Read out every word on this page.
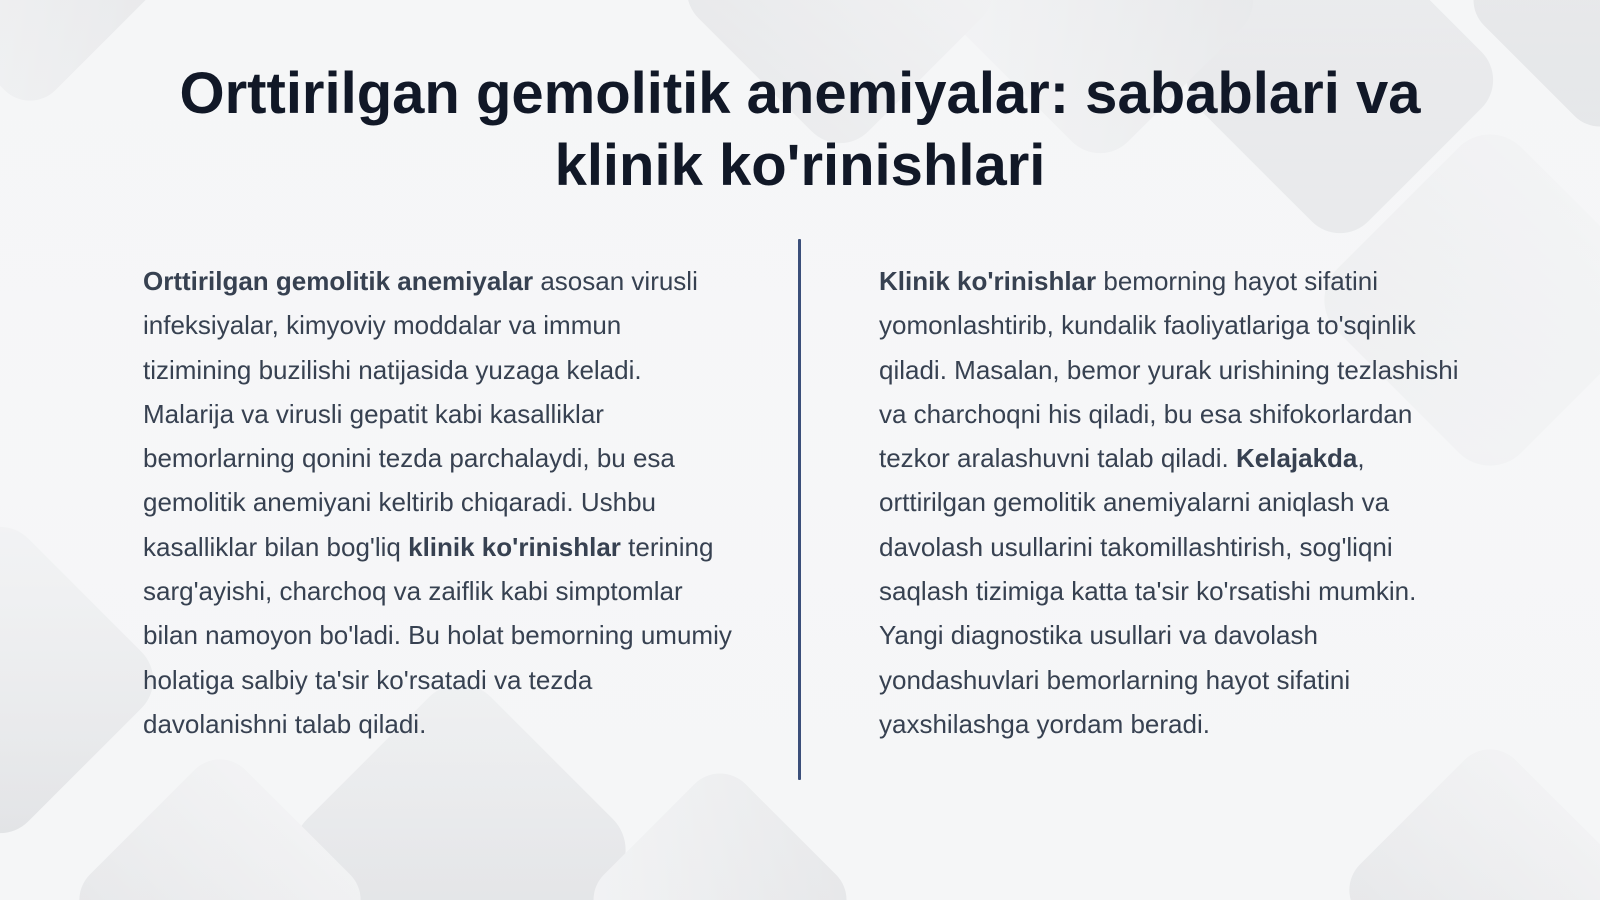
Orttirilgan gemolitik anemiyalar: sabablari va klinik ko'rinishlari

Orttirilgan gemolitik anemiyalar asosan virusli infeksiyalar, kimyoviy moddalar va immun tizimining buzilishi natijasida yuzaga keladi. Malarija va virusli gepatit kabi kasalliklar bemorlarning qonini tezda parchalaydi, bu esa gemolitik anemiyani keltirib chiqaradi. Ushbu kasalliklar bilan bog'liq klinik ko'rinishlar terining sarg'ayishi, charchoq va zaiflik kabi simptomlar bilan namoyon bo'ladi. Bu holat bemorning umumiy holatiga salbiy ta'sir ko'rsatadi va tezda davolanishni talab qiladi.

Klinik ko'rinishlar bemorning hayot sifatini yomonlashtirib, kundalik faoliyatlariga to'sqinlik qiladi. Masalan, bemor yurak urishining tezlashishi va charchoqni his qiladi, bu esa shifokorlardan tezkor aralashuvni talab qiladi. Kelajakda, orttirilgan gemolitik anemiyalarni aniqlash va davolash usullarini takomillashtirish, sog'liqni saqlash tizimiga katta ta'sir ko'rsatishi mumkin. Yangi diagnostika usullari va davolash yondashuvlari bemorlarning hayot sifatini yaxshilashga yordam beradi.
